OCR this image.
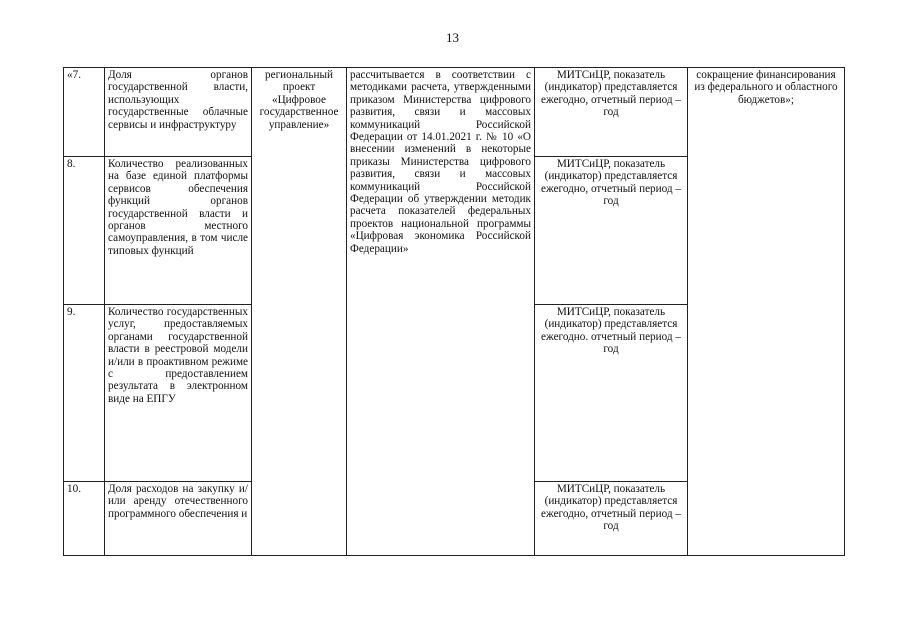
13
«7.	Доля органов государственной власти, использующих государственные облачные сервисы и инфраструктуру	региональный проект «Цифровое государственное управление»	рассчитывается в соответствии с методиками расчета, утвержденными приказом Министерства цифрового развития, связи и массовых коммуникаций Российской Федерации от 14.01.2021 г. № 10 «О внесении изменений в некоторые приказы Министерства цифрового развития, связи и массовых коммуникаций Российской Федерации об утверждении методик расчета показателей федеральных проектов национальной программы «Цифровая экономика Российской Федерации»	МИТСиЦР, показатель (индикатор) представляется ежегодно, отчетный период – год	сокращение финансирования из федерального и областного бюджетов»;
8.	Количество реализованных на базе единой платформы сервисов обеспечения функций органов государственной власти и органов местного самоуправления, в том числе типовых функций			МИТСиЦР, показатель (индикатор) представляется ежегодно, отчетный период – год	
9.	Количество государственных услуг, предоставляемых органами государственной власти в реестровой модели и/или в проактивном режиме с предоставлением результата в электронном виде на ЕПГУ			МИТСиЦР, показатель (индикатор) представляется ежегодно. отчетный период – год	
10.	Доля расходов на закупку и/или аренду отечественного программного обеспечения и			МИТСиЦР, показатель (индикатор) представляется ежегодно, отчетный период – год	
